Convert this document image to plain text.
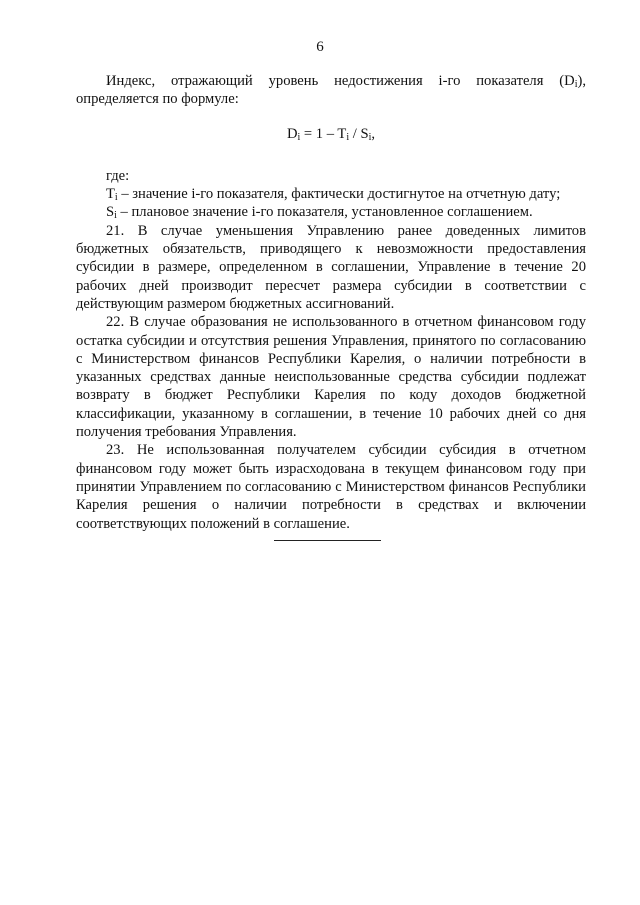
6

Индекс, отражающий уровень недостижения i-го показателя $(D_i)$, определяется по формуле:

$D_i = 1 - T_i / S_i$,

где:

$T_i$ – значение i-го показателя, фактически достигнутое на отчетную дату;

$S_i$ – плановое значение i-го показателя, установленное соглашением.

21. В случае уменьшения Управлению ранее доведенных лимитов бюджетных обязательств, приводящего к невозможности предоставления субсидии в размере, определенном в соглашении, Управление в течение 20 рабочих дней производит пересчет размера субсидии в соответствии с действующим размером бюджетных ассигнований.

22. В случае образования не использованного в отчетном финансовом году остатка субсидии и отсутствия решения Управления, принятого по согласованию с Министерством финансов Республики Карелия, о наличии потребности в указанных средствах данные неиспользованные средства субсидии подлежат возврату в бюджет Республики Карелия по коду доходов бюджетной классификации, указанному в соглашении, в течение 10 рабочих дней со дня получения требования Управления.

23. Не использованная получателем субсидии субсидия в отчетном финансовом году может быть израсходована в текущем финансовом году при принятии Управлением по согласованию с Министерством финансов Республики Карелия решения о наличии потребности в средствах и включении соответствующих положений в соглашение.
